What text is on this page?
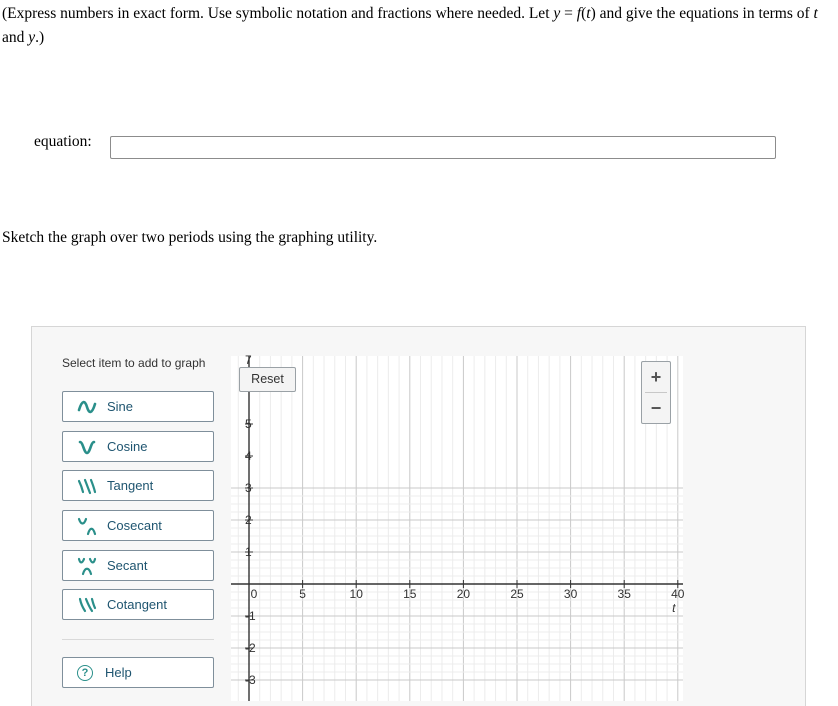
(Express numbers in exact form. Use symbolic notation and fractions where needed. Let y = f(t) and give the equations in terms of t and y.)
equation:
Sketch the graph over two periods using the graphing utility.
Select item to add to graph
Sine
Cosine
Tangent
Cosecant
Secant
Cotangent
?	Help
0	5	10	15	20	25	30	35	40
t
5
4
3
2
1
-1
-2
-3
7
Reset	+
−
